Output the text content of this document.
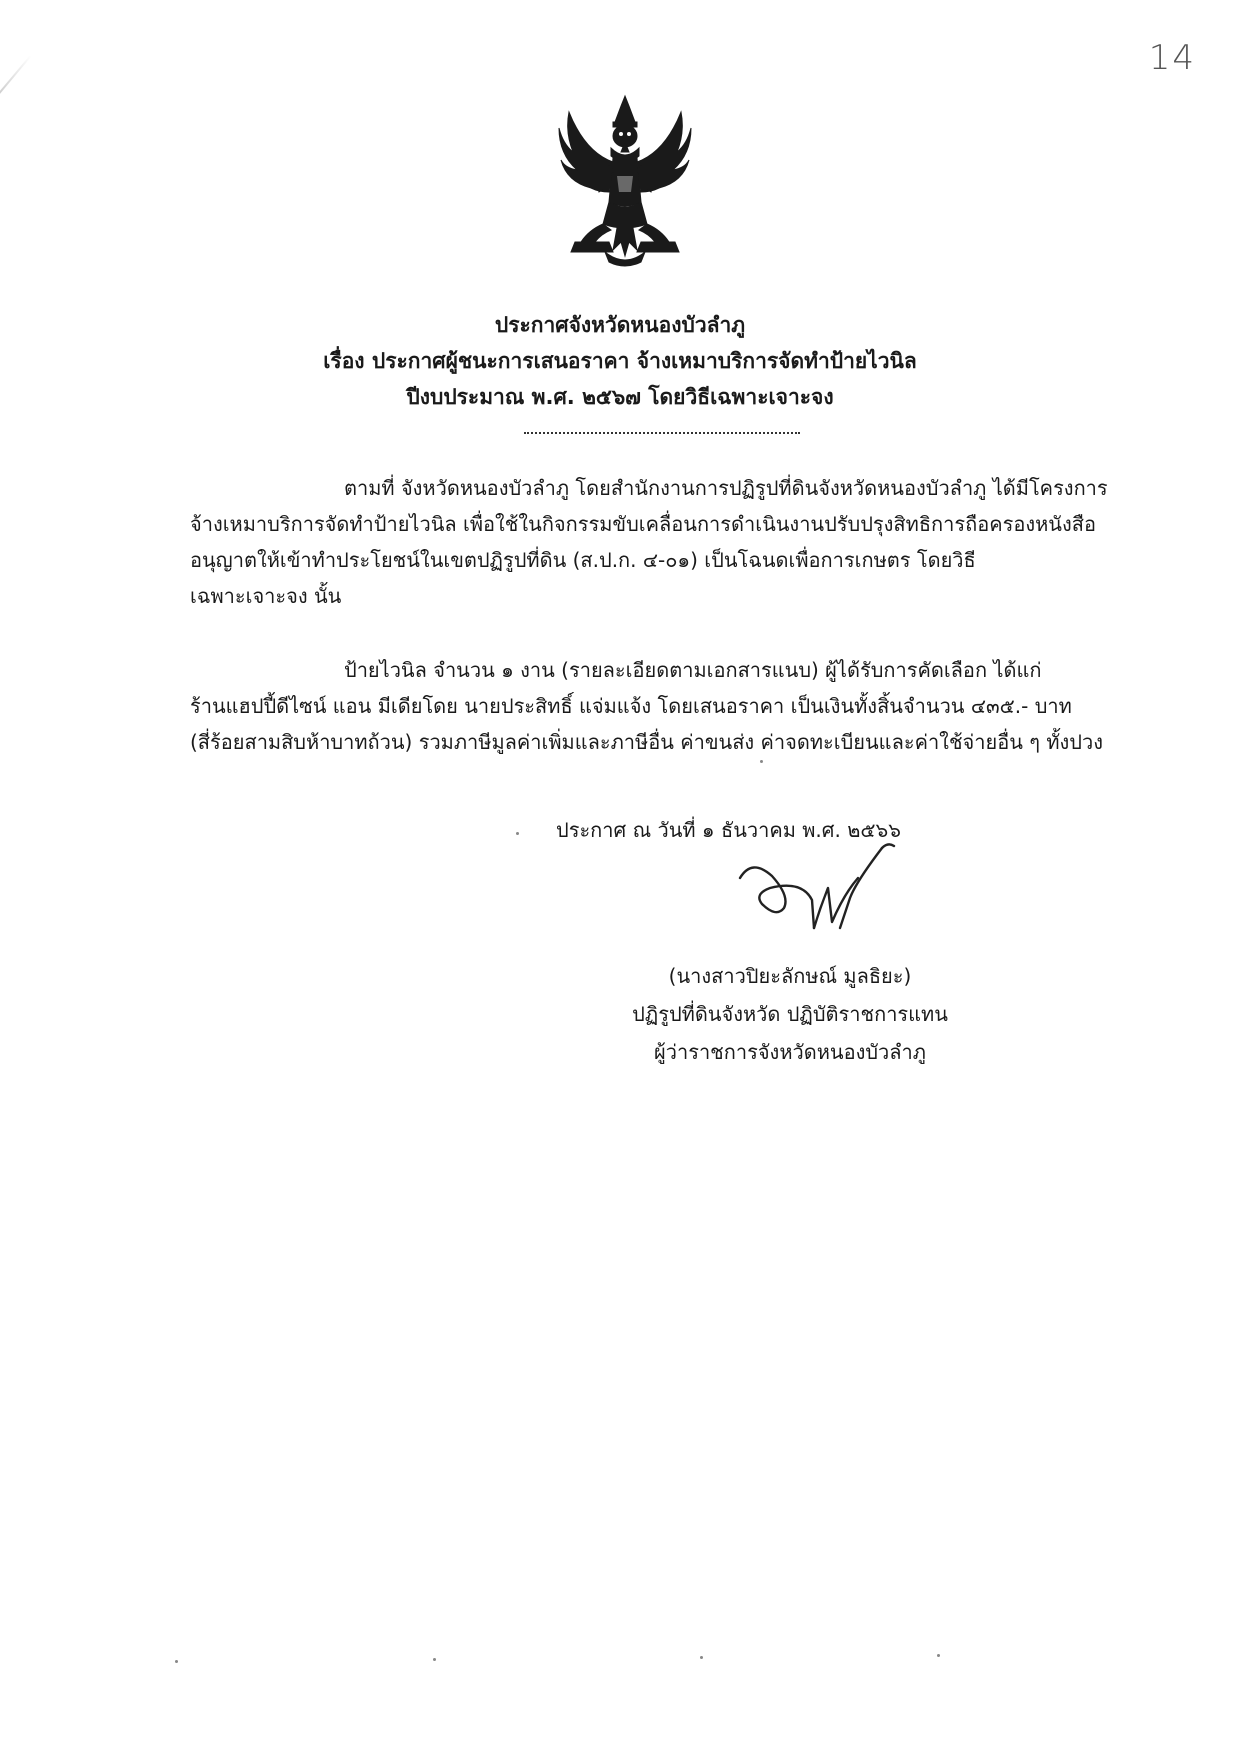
14
ประกาศจังหวัดหนองบัวลำภู
เรื่อง ประกาศผู้ชนะการเสนอราคา จ้างเหมาบริการจัดทำป้ายไวนิล
ปีงบประมาณ พ.ศ. ๒๕๖๗ โดยวิธีเฉพาะเจาะจง
ตามที่ จังหวัดหนองบัวลำภู โดยสำนักงานการปฏิรูปที่ดินจังหวัดหนองบัวลำภู ได้มีโครงการ
จ้างเหมาบริการจัดทำป้ายไวนิล เพื่อใช้ในกิจกรรมขับเคลื่อนการดำเนินงานปรับปรุงสิทธิการถือครองหนังสือ
อนุญาตให้เข้าทำประโยชน์ในเขตปฏิรูปที่ดิน (ส.ป.ก. ๔-๐๑) เป็นโฉนดเพื่อการเกษตร โดยวิธี
เฉพาะเจาะจง นั้น
ป้ายไวนิล จำนวน ๑ งาน (รายละเอียดตามเอกสารแนบ) ผู้ได้รับการคัดเลือก ได้แก่
ร้านแฮปปี้ดีไซน์ แอน มีเดียโดย นายประสิทธิ์ แจ่มแจ้ง โดยเสนอราคา เป็นเงินทั้งสิ้นจำนวน ๔๓๕.- บาท
(สี่ร้อยสามสิบห้าบาทถ้วน) รวมภาษีมูลค่าเพิ่มและภาษีอื่น ค่าขนส่ง ค่าจดทะเบียนและค่าใช้จ่ายอื่น ๆ ทั้งปวง
ประกาศ ณ วันที่ ๑ ธันวาคม พ.ศ. ๒๕๖๖
(นางสาวปิยะลักษณ์ มูลธิยะ)
ปฏิรูปที่ดินจังหวัด ปฏิบัติราชการแทน
ผู้ว่าราชการจังหวัดหนองบัวลำภู
